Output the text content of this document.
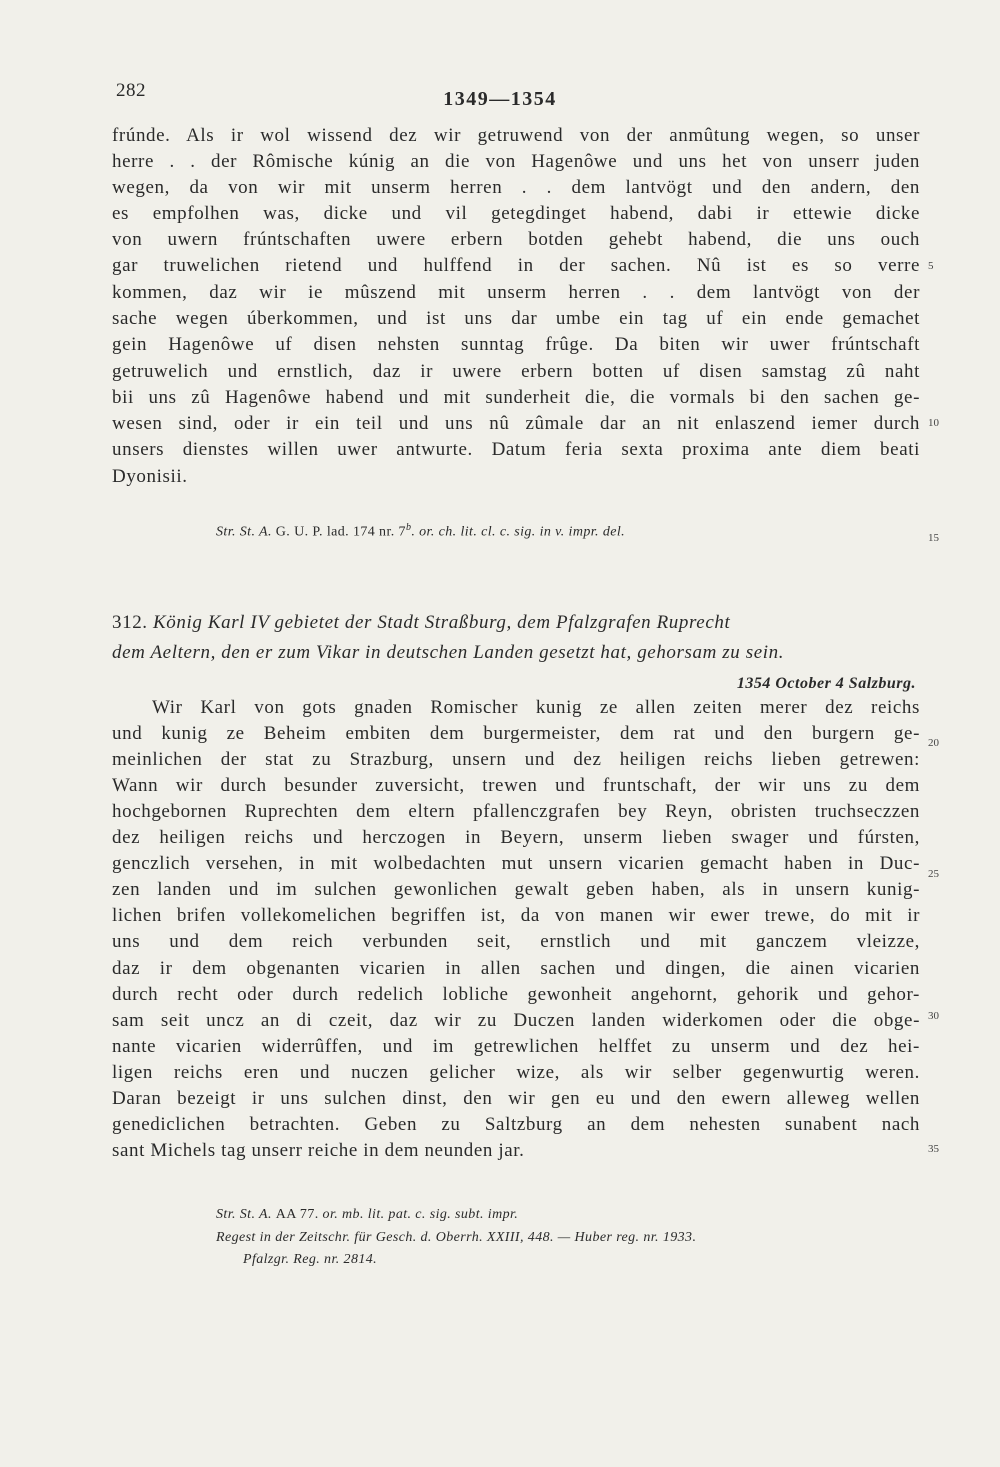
282	1349—1354
frúnde. Als ir wol wissend dez wir getruwend von der anmûtung wegen, so unser
herre . . der Rômische kúnig an die von Hagenôwe und uns het von unserr juden
wegen, da von wir mit unserm herren . . dem lantvögt und den andern, den
es empfolhen was, dicke und vil getegdinget habend, dabi ir ettewie dicke
von uwern frúntschaften uwere erbern botden gehebt habend, die uns ouch
gar truwelichen rietend und hulffend in der sachen. Nû ist es so verre
kommen, daz wir ie mûszend mit unserm herren . . dem lantvögt von der
sache wegen úberkommen, und ist uns dar umbe ein tag uf ein ende gemachet
gein Hagenôwe uf disen nehsten sunntag frûge. Da biten wir uwer frúntschaft
getruwelich und ernstlich, daz ir uwere erbern botten uf disen samstag zû naht
bii uns zû Hagenôwe habend und mit sunderheit die, die vormals bi den sachen ge-
wesen sind, oder ir ein teil und uns nû zûmale dar an nit enlaszend iemer durch
unsers dienstes willen uwer antwurte. Datum feria sexta proxima ante diem beati
Dyonisii.
Str. St. A. G. U. P. lad. 174 nr. 7$^b$. or. ch. lit. cl. c. sig. in v. impr. del.
312. König Karl IV gebietet der Stadt Straßburg, dem Pfalzgrafen Ruprecht
dem Aeltern, den er zum Vikar in deutschen Landen gesetzt hat, gehorsam zu sein.
1354 October 4 Salzburg.
Wir Karl von gots gnaden Romischer kunig ze allen zeiten merer dez reichs
und kunig ze Beheim embiten dem burgermeister, dem rat und den burgern ge-
meinlichen der stat zu Strazburg, unsern und dez heiligen reichs lieben getrewen:
Wann wir durch besunder zuversicht, trewen und fruntschaft, der wir uns zu dem
hochgebornen Ruprechten dem eltern pfallenczgrafen bey Reyn, obristen truchseczzen
dez heiligen reichs und herczogen in Beyern, unserm lieben swager und fúrsten,
genczlich versehen, in mit wolbedachten mut unsern vicarien gemacht haben in Duc-
zen landen und im sulchen gewonlichen gewalt geben haben, als in unsern kunig-
lichen brifen vollekomelichen begriffen ist, da von manen wir ewer trewe, do mit ir
uns und dem reich verbunden seit, ernstlich und mit ganczem vleizze,
daz ir dem obgenanten vicarien in allen sachen und dingen, die ainen vicarien
durch recht oder durch redelich lobliche gewonheit angehornt, gehorik und gehor-
sam seit uncz an di czeit, daz wir zu Duczen landen widerkomen oder die obge-
nante vicarien widerrûffen, und im getrewlichen helffet zu unserm und dez hei-
ligen reichs eren und nuczen gelicher wize, als wir selber gegenwurtig weren.
Daran bezeigt ir uns sulchen dinst, den wir gen eu und den ewern alleweg wellen
genediclichen betrachten. Geben zu Saltzburg an dem nehesten sunabent nach
sant Michels tag unserr reiche in dem neunden jar.
Str. St. A. AA 77. or. mb. lit. pat. c. sig. subt. impr.
Regest in der Zeitschr. für Gesch. d. Oberrh. XXIII, 448. — Huber reg. nr. 1933.
Pfalzgr. Reg. nr. 2814.
5
10
15
20
25
30
35
